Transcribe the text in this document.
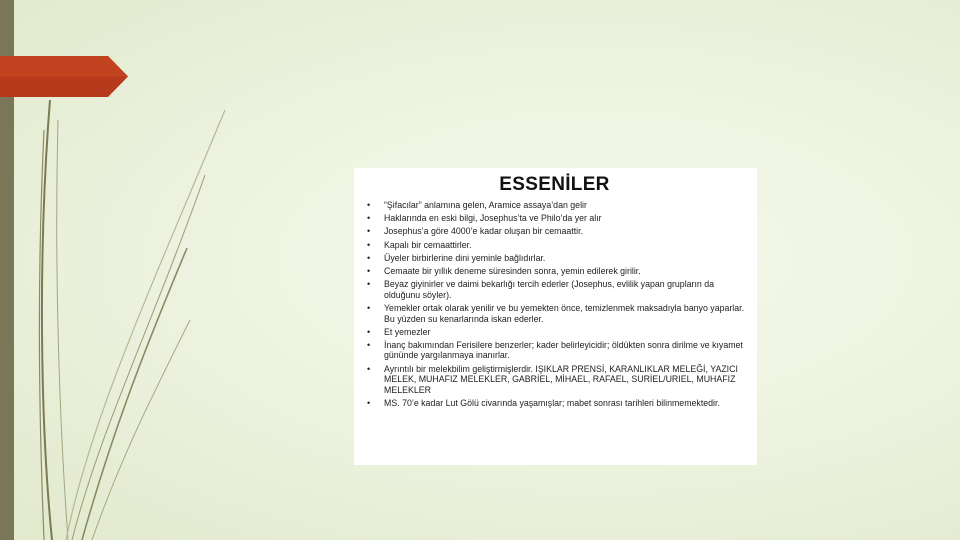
ESSENİLER
• “Şifacılar” anlamına gelen, Aramice assaya’dan gelir
• Haklarında en eski bilgi, Josephus’ta ve Philo’da yer alır
• Josephus’a göre 4000’e kadar oluşan bir cemaattir.
• Kapalı bir cemaattirler.
• Üyeler birbirlerine dini yeminle bağlıdırlar.
• Cemaate bir yıllık deneme süresinden sonra, yemin edilerek girilir.
• Beyaz giyinirler ve daimi bekarlığı tercih ederler (Josephus, evlilik yapan grupların da olduğunu söyler).
• Yemekler ortak olarak yenilir ve bu yemekten önce, temizlenmek maksadıyla banyo yaparlar. Bu yüzden su kenarlarında iskan ederler.
• Et yemezler
• İnanç bakımından Ferisilere benzerler; kader belirleyicidir; öldükten sonra dirilme ve kıyamet gününde yargılanmaya inanırlar.
• Ayrıntılı bir melekbilim geliştirmişlerdir. IŞIKLAR PRENSİ, KARANLIKLAR MELEĞİ, YAZICI MELEK, MUHAFIZ MELEKLER, GABRİEL, MİHAEL, RAFAEL, SURİEL/URIEL, MUHAFIZ MELEKLER
• MS. 70’e kadar Lut Gölü civarında yaşamışlar; mabet sonrası tarihleri bilinmemektedir.
